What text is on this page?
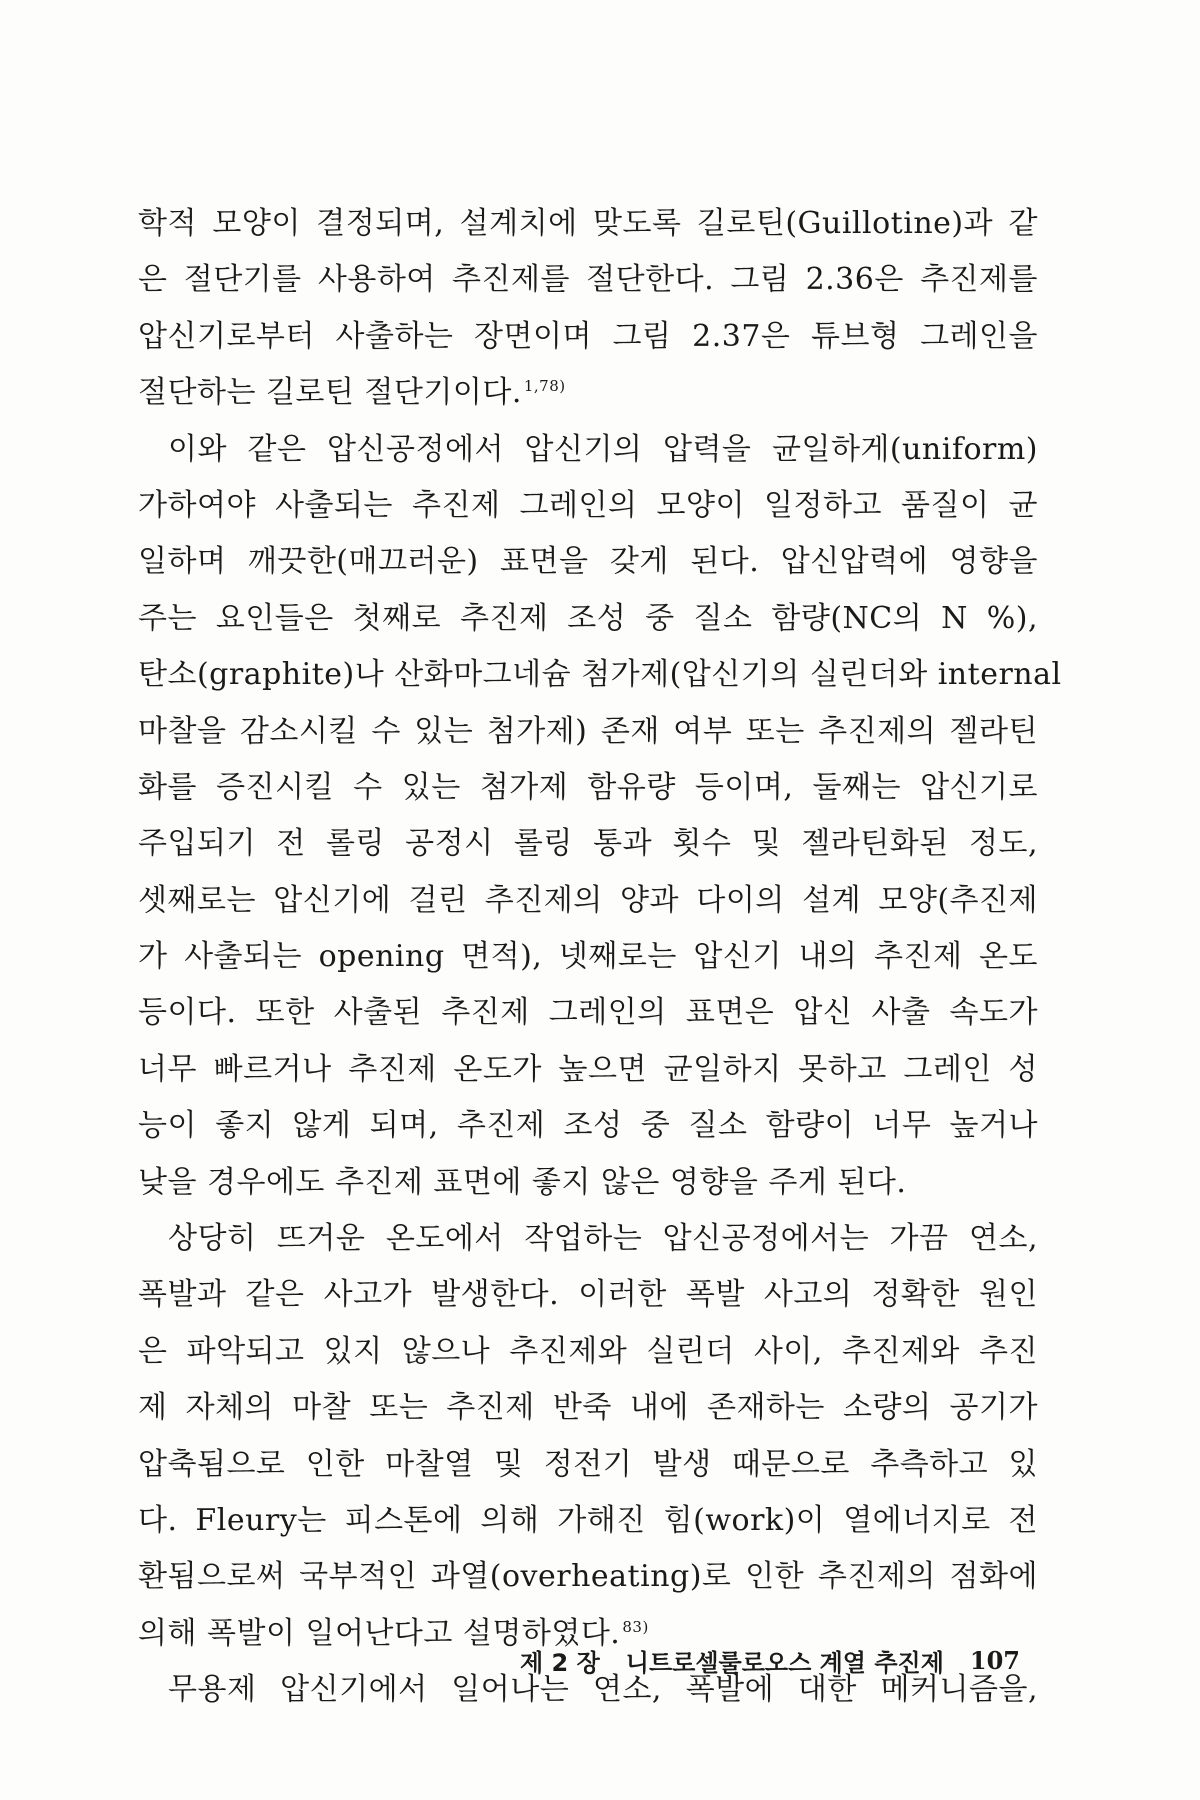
학적 모양이 결정되며, 설계치에 맞도록 길로틴(Guillotine)과 같
은 절단기를 사용하여 추진제를 절단한다. 그림 2.36은 추진제를
압신기로부터 사출하는 장면이며 그림 2.37은 튜브형 그레인을
절단하는 길로틴 절단기이다. $^{1,78)}$
이와 같은 압신공정에서 압신기의 압력을 균일하게(uniform)
가하여야 사출되는 추진제 그레인의 모양이 일정하고 품질이 균
일하며 깨끗한(매끄러운) 표면을 갖게 된다. 압신압력에 영향을
주는 요인들은 첫째로 추진제 조성 중 질소 함량(NC의 N %),
탄소(graphite)나 산화마그네슘 첨가제(압신기의 실린더와 internal
마찰을 감소시킬 수 있는 첨가제) 존재 여부 또는 추진제의 젤라틴
화를 증진시킬 수 있는 첨가제 함유량 등이며, 둘째는 압신기로
주입되기 전 롤링 공정시 롤링 통과 횟수 및 젤라틴화된 정도,
셋째로는 압신기에 걸린 추진제의 양과 다이의 설계 모양(추진제
가 사출되는 opening 면적), 넷째로는 압신기 내의 추진제 온도
등이다. 또한 사출된 추진제 그레인의 표면은 압신 사출 속도가
너무 빠르거나 추진제 온도가 높으면 균일하지 못하고 그레인 성
능이 좋지 않게 되며, 추진제 조성 중 질소 함량이 너무 높거나
낮을 경우에도 추진제 표면에 좋지 않은 영향을 주게 된다.
상당히 뜨거운 온도에서 작업하는 압신공정에서는 가끔 연소,
폭발과 같은 사고가 발생한다. 이러한 폭발 사고의 정확한 원인
은 파악되고 있지 않으나 추진제와 실린더 사이, 추진제와 추진
제 자체의 마찰 또는 추진제 반죽 내에 존재하는 소량의 공기가
압축됨으로 인한 마찰열 및 정전기 발생 때문으로 추측하고 있
다. Fleury는 피스톤에 의해 가해진 힘(work)이 열에너지로 전
환됨으로써 국부적인 과열(overheating)로 인한 추진제의 점화에
의해 폭발이 일어난다고 설명하였다. $^{83)}$
무용제 압신기에서 일어나는 연소, 폭발에 대한 메커니즘을,
제 2 장 니트로셀룰로오스 계열 추진제 107
